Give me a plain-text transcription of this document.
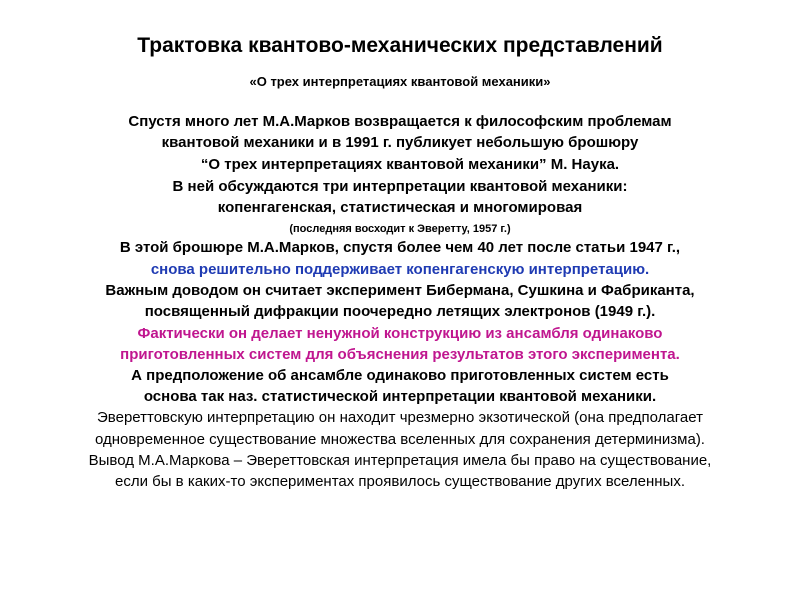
Трактовка квантово-механических представлений
«О трех интерпретациях квантовой механики»
Спустя много лет М.А.Марков возвращается к философским проблемам
квантовой механики и в 1991 г. публикует небольшую брошюру
“О трех интерпретациях квантовой механики” М. Наука.
В ней обсуждаются три интерпретации квантовой механики:
копенгагенская, статистическая и многомировая
(последняя восходит к Эверетту, 1957 г.)
В этой брошюре М.А.Марков, спустя более чем 40 лет после статьи 1947 г.,
снова решительно поддерживает копенгагенскую интерпретацию.
Важным доводом он считает эксперимент Бибермана, Сушкина и Фабриканта,
посвященный дифракции поочередно летящих электронов (1949 г.).
Фактически он делает ненужной конструкцию из ансамбля одинаково
приготовленных систем для объяснения результатов этого эксперимента.
А предположение об ансамбле одинаково приготовленных систем есть
основа так наз. статистической интерпретации квантовой механики.
Эвереттовскую интерпретацию он находит чрезмерно экзотической (она предполагает
одновременное существование множества вселенных для сохранения детерминизма).
Вывод М.А.Маркова – Эвереттовская интерпретация имела бы право на существование,
если бы в каких-то экспериментах проявилось существование других вселенных.
